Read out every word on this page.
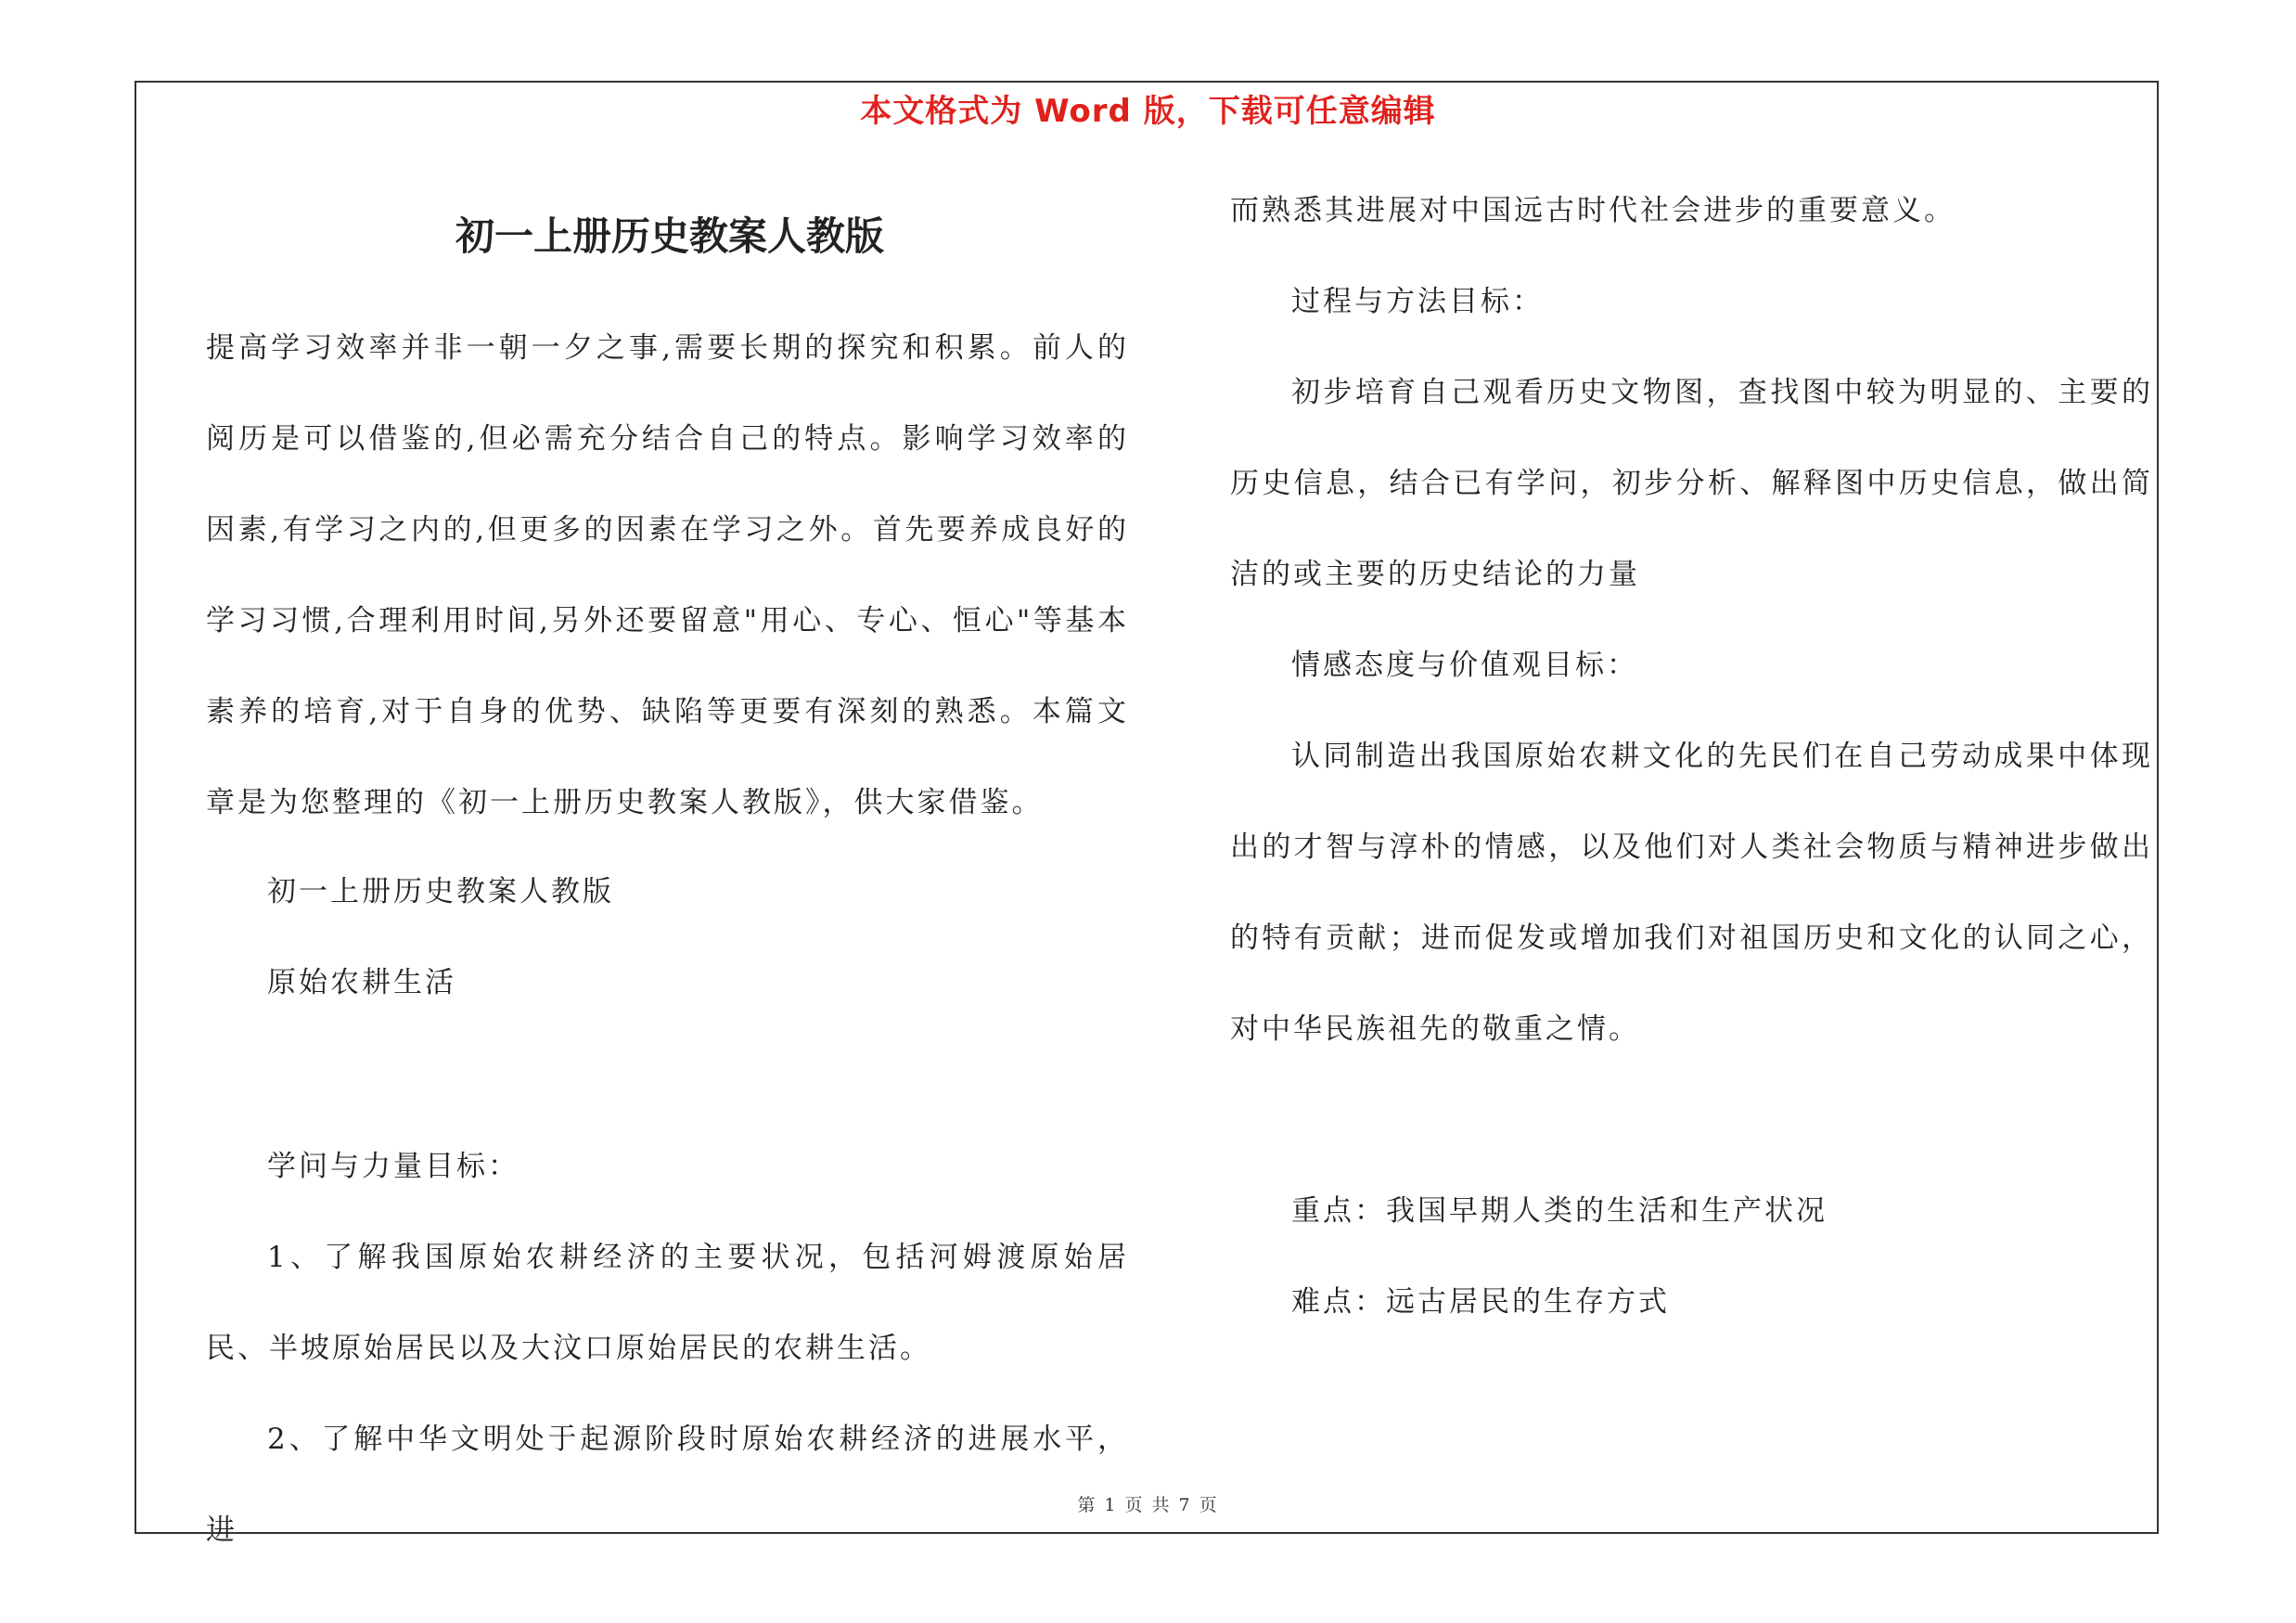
本文格式为 Word 版，下载可任意编辑
初一上册历史教案人教版

提高学习效率并非一朝一夕之事,需要长期的探究和积累。前人的阅历是可以借鉴的,但必需充分结合自己的特点。影响学习效率的因素,有学习之内的,但更多的因素在学习之外。首先要养成良好的学习习惯,合理利用时间,另外还要留意"用心、专心、恒心"等基本素养的培育,对于自身的优势、缺陷等更要有深刻的熟悉。本篇文章是为您整理的《初一上册历史教案人教版》，供大家借鉴。

初一上册历史教案人教版

原始农耕生活

学问与力量目标：

1、了解我国原始农耕经济的主要状况，包括河姆渡原始居民、半坡原始居民以及大汶口原始居民的农耕生活。

2、了解中华文明处于起源阶段时原始农耕经济的进展水平，进

而熟悉其进展对中国远古时代社会进步的重要意义。

过程与方法目标：

初步培育自己观看历史文物图，查找图中较为明显的、主要的历史信息，结合已有学问，初步分析、解释图中历史信息，做出简洁的或主要的历史结论的力量

情感态度与价值观目标：

认同制造出我国原始农耕文化的先民们在自己劳动成果中体现出的才智与淳朴的情感，以及他们对人类社会物质与精神进步做出的特有贡献；进而促发或增加我们对祖国历史和文化的认同之心，对中华民族祖先的敬重之情。

重点：我国早期人类的生活和生产状况

难点：远古居民的生存方式

第 1 页 共 7 页
